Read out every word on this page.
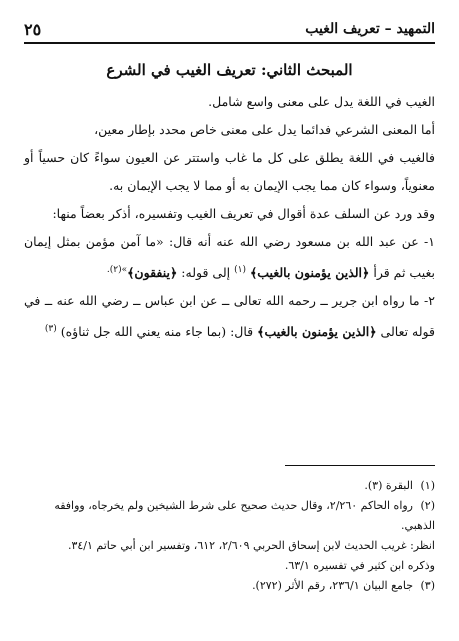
التمهيد – تعريف الغيب
٢٥
المبحث الثاني: تعريف الغيب في الشرع

الغيب في اللغة يدل على معنى واسع شامل.

أما المعنى الشرعي فدائما يدل على معنى خاص محدد بإطار معين،

فالغيب في اللغة يطلق على كل ما غاب واستتر عن العيون سواءً كان حسياً أو معنوياً، وسواء كان مما يجب الإيمان به أو مما لا يجب الإيمان به.

وقد ورد عن السلف عدة أقوال في تعريف الغيب وتفسيره، أذكر بعضاً منها:

١- عن عبد الله بن مسعود رضي الله عنه أنه قال: «ما آمن مؤمن بمثل إيمان بغيب ثم قرأ ﴿الذين يؤمنون بالغيب﴾ $^{(١)}$ إلى قوله: ﴿ينفقون﴾$^{»(٢).}$

٢- ما رواه ابن جرير ــ رحمه الله تعالى ــ عن ابن عباس ــ رضي الله عنه ــ في قوله تعالى ﴿الذين يؤمنون بالغيب﴾ قال: (بما جاء منه يعني الله جل ثناؤه) $^{(٣)}$

(١)البقرة (٣).

(٢)رواه الحاكم ٢/٢٦٠، وقال حديث صحيح على شرط الشيخين ولم يخرجاه، ووافقه الذهبي.

انظر: غريب الحديث لابن إسحاق الحربي ٢/٦٠٩، ٦١٢، وتفسير ابن أبي حاتم ٣٤/١.

وذكره ابن كثير في تفسيره ٦٣/١.

(٣)جامع البيان ٢٣٦/١، رقم الأثر (٢٧٢).
